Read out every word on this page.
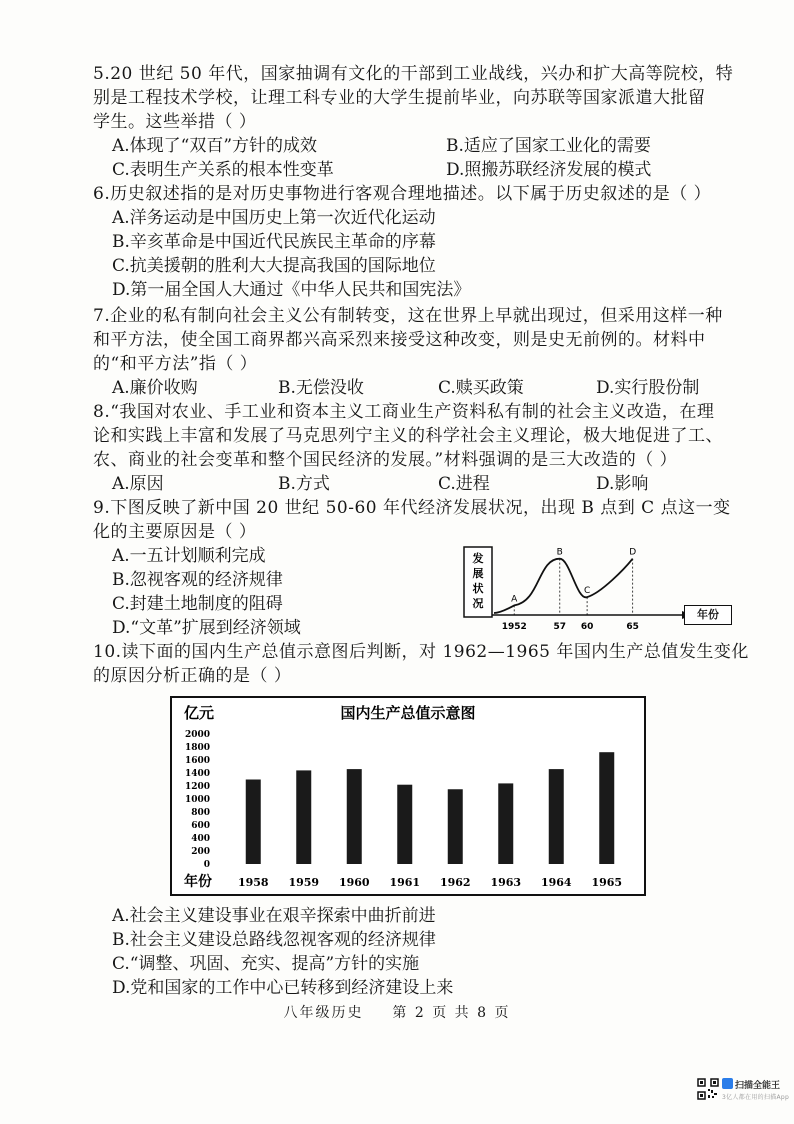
5.20 世纪 50 年代，国家抽调有文化的干部到工业战线，兴办和扩大高等院校，特
别是工程技术学校，让理工科专业的大学生提前毕业，向苏联等国家派遣大批留
学生。这些举措（ ）
A.体现了“双百”方针的成效	B.适应了国家工业化的需要
C.表明生产关系的根本性变革	D.照搬苏联经济发展的模式
6.历史叙述指的是对历史事物进行客观合理地描述。以下属于历史叙述的是（ ）
A.洋务运动是中国历史上第一次近代化运动
B.辛亥革命是中国近代民族民主革命的序幕
C.抗美援朝的胜利大大提高我国的国际地位
D.第一届全国人大通过《中华人民共和国宪法》
7.企业的私有制向社会主义公有制转变，这在世界上早就出现过，但采用这样一种
和平方法，使全国工商界都兴高采烈来接受这种改变，则是史无前例的。材料中
的“和平方法”指（ ）
A.廉价收购	B.无偿没收	C.赎买政策	D.实行股份制
8.“我国对农业、手工业和资本主义工商业生产资料私有制的社会主义改造，在理
论和实践上丰富和发展了马克思列宁主义的科学社会主义理论，极大地促进了工、
农、商业的社会变革和整个国民经济的发展。”材料强调的是三大改造的（ ）
A.原因	B.方式	C.进程	D.影响
9.下图反映了新中国 20 世纪 50-60 年代经济发展状况，出现 B 点到 C 点这一变
化的主要原因是（ ）
A.一五计划顺利完成
B.忽视客观的经济规律
C.封建土地制度的阻碍
D.“文革”扩展到经济领域
发
展
状
况	A
B
C
D
1952	57 60	65
年份
10.读下面的国内生产总值示意图后判断，对 1962—1965 年国内生产总值发生变化
的原因分析正确的是（ ）
国内生产总值示意图
亿元
年份
0
200
400
600
800
1000
1200
1400
1600
1800
2000
1958 1959 1960 1961 1962 1963 1964 1965
A.社会主义建设事业在艰辛探索中曲折前进
B.社会主义建设总路线忽视客观的经济规律
C.“调整、巩固、充实、提高”方针的实施
D.党和国家的工作中心已转移到经济建设上来
八年级历史 第 2 页 共 8 页
扫描全能王
3亿人都在用的扫描App
